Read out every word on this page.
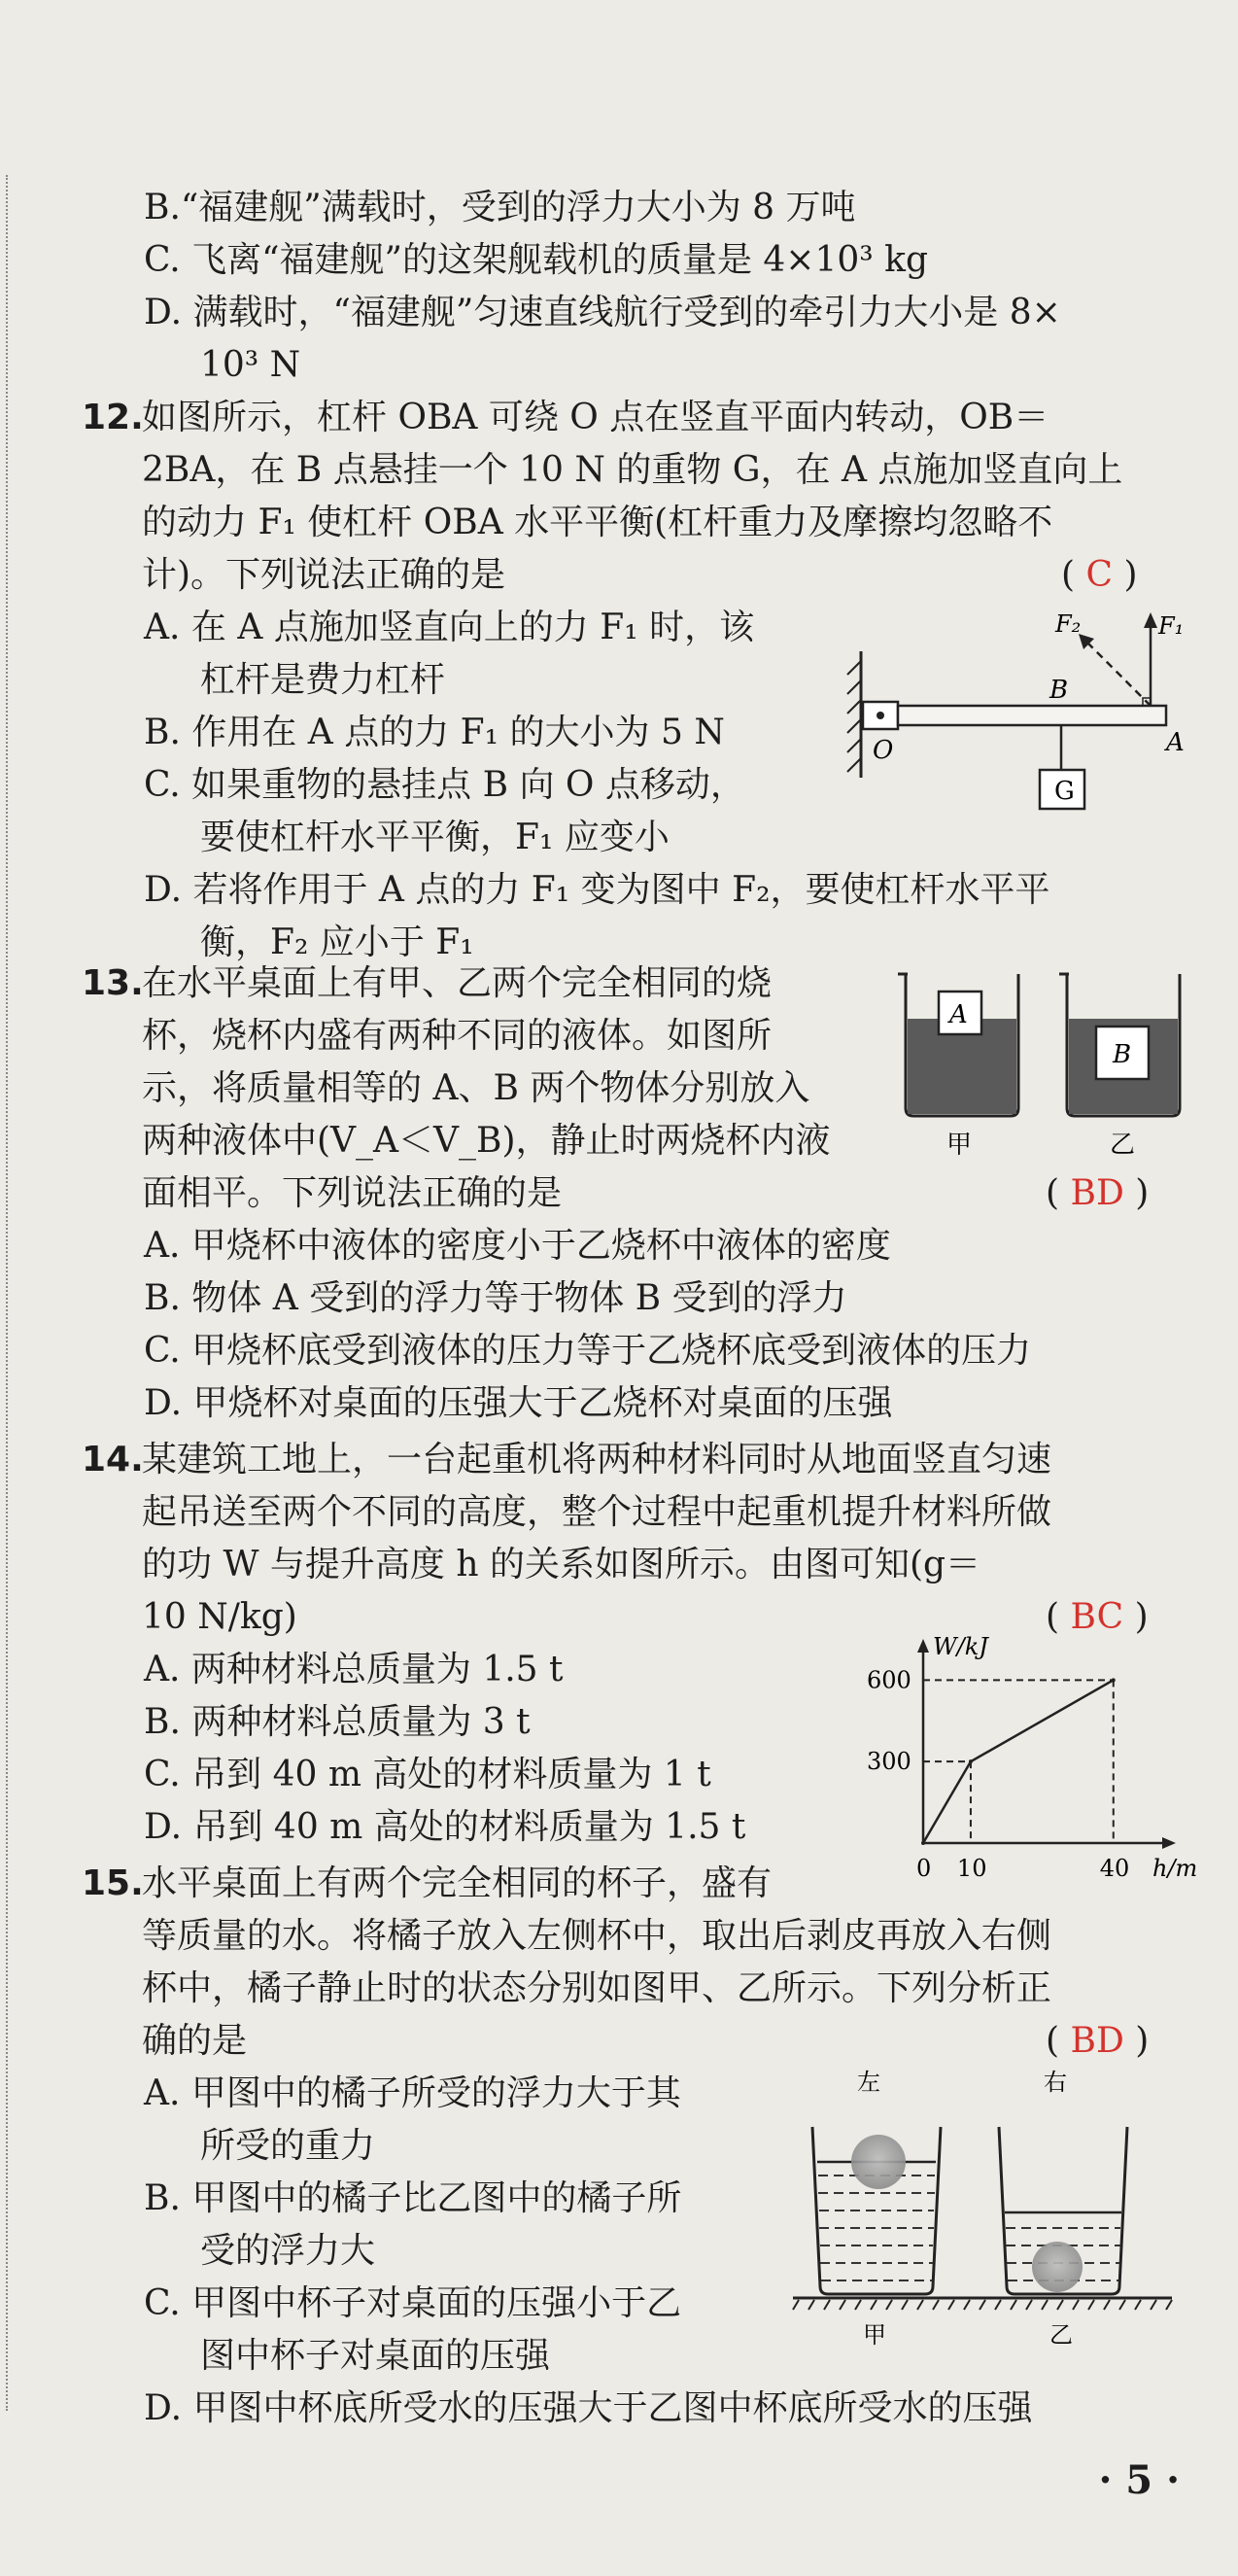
B.“福建舰”满载时，受到的浮力大小为 8 万吨
C. 飞离“福建舰”的这架舰载机的质量是 4×10³ kg
D. 满载时，“福建舰”匀速直线航行受到的牵引力大小是 8×
10³ N
12.
如图所示，杠杆 OBA 可绕 O 点在竖直平面内转动，OB＝
2BA，在 B 点悬挂一个 10 N 的重物 G，在 A 点施加竖直向上
的动力 F₁ 使杠杆 OBA 水平平衡(杠杆重力及摩擦均忽略不
计)。下列说法正确的是	( C )
A. 在 A 点施加竖直向上的力 F₁ 时，该
杠杆是费力杠杆
B. 作用在 A 点的力 F₁ 的大小为 5 N
C. 如果重物的悬挂点 B 向 O 点移动，
要使杠杆水平平衡，F₁ 应变小
D. 若将作用于 A 点的力 F₁ 变为图中 F₂，要使杠杆水平平
衡，F₂ 应小于 F₁
G
O
B
A
F₁
F₂
13.
在水平桌面上有甲、乙两个完全相同的烧
杯，烧杯内盛有两种不同的液体。如图所
示，将质量相等的 A、B 两个物体分别放入
两种液体中(V_A＜V_B)，静止时两烧杯内液
面相平。下列说法正确的是	( BD )
A. 甲烧杯中液体的密度小于乙烧杯中液体的密度
B. 物体 A 受到的浮力等于物体 B 受到的浮力
C. 甲烧杯底受到液体的压力等于乙烧杯底受到液体的压力
D. 甲烧杯对桌面的压强大于乙烧杯对桌面的压强
A
甲
B
乙
14.
某建筑工地上，一台起重机将两种材料同时从地面竖直匀速
起吊送至两个不同的高度，整个过程中起重机提升材料所做
的功 W 与提升高度 h 的关系如图所示。由图可知(g＝
10 N/kg)	( BC )
A. 两种材料总质量为 1.5 t
B. 两种材料总质量为 3 t
C. 吊到 40 m 高处的材料质量为 1 t
D. 吊到 40 m 高处的材料质量为 1.5 t
W/kJ
h/m
0 10	40
300
600
15.
水平桌面上有两个完全相同的杯子，盛有
等质量的水。将橘子放入左侧杯中，取出后剥皮再放入右侧
杯中，橘子静止时的状态分别如图甲、乙所示。下列分析正
确的是	( BD )
A. 甲图中的橘子所受的浮力大于其
所受的重力
B. 甲图中的橘子比乙图中的橘子所
受的浮力大
C. 甲图中杯子对桌面的压强小于乙
图中杯子对桌面的压强
D. 甲图中杯底所受水的压强大于乙图中杯底所受水的压强
左	右
甲	乙
· 5 ·
